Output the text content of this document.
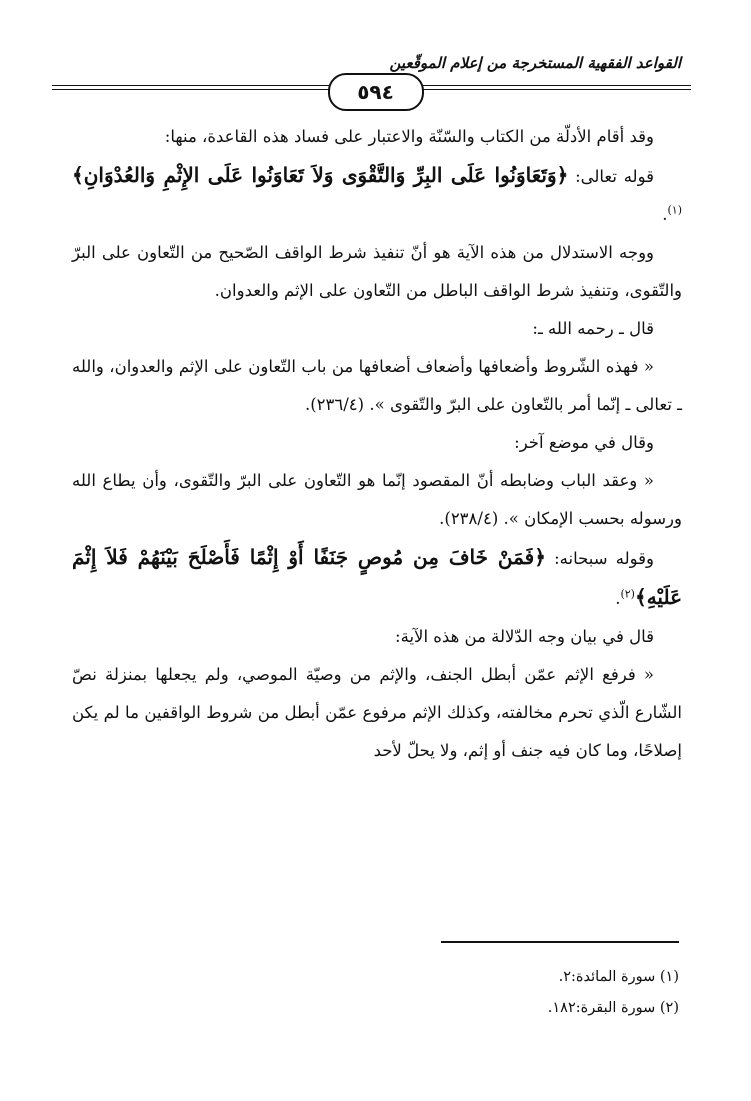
القواعد الفقهية المستخرجة من إعلام الموقّعين
٥٩٤

وقد أقام الأدلّة من الكتاب والسّنّة والاعتبار على فساد هذه القاعدة، منها:

قوله تعالى: ﴿وَتَعَاوَنُوا عَلَى البِرِّ وَالتَّقْوَى وَلاَ تَعَاوَنُوا عَلَى الإِثْمِ وَالعُدْوَانِ﴾$^{(١)}$.

ووجه الاستدلال من هذه الآية هو أنّ تنفيذ شرط الواقف الصّحيح من التّعاون على البرّ والتّقوى، وتنفيذ شرط الواقف الباطل من التّعاون على الإثم والعدوان.

قال ـ رحمه الله ـ:

« فهذه الشّروط وأضعافها وأضعاف أضعافها من باب التّعاون على الإثم والعدوان، والله ـ تعالى ـ إنّما أمر بالتّعاون على البرّ والتّقوى ». (٢٣٦/٤).

وقال في موضع آخر:

« وعقد الباب وضابطه أنّ المقصود إنّما هو التّعاون على البرّ والتّقوى، وأن يطاع الله ورسوله بحسب الإمكان ». (٢٣٨/٤).

وقوله سبحانه: ﴿فَمَنْ خَافَ مِن مُوصٍ جَنَفًا أَوْ إِثْمًا فَأَصْلَحَ بَيْنَهُمْ فَلاَ إِثْمَ عَلَيْهِ﴾$^{(٢)}$.

قال في بيان وجه الدّلالة من هذه الآية:

« فرفع الإثم عمّن أبطل الجنف، والإثم من وصيّة الموصي، ولم يجعلها بمنزلة نصّ الشّارع الّذي تحرم مخالفته، وكذلك الإثم مرفوع عمّن أبطل من شروط الواقفين ما لم يكن إصلاحًا، وما كان فيه جنف أو إثم، ولا يحلّ لأحد

(١) سورة المائدة:٢.
(٢) سورة البقرة:١٨٢.
